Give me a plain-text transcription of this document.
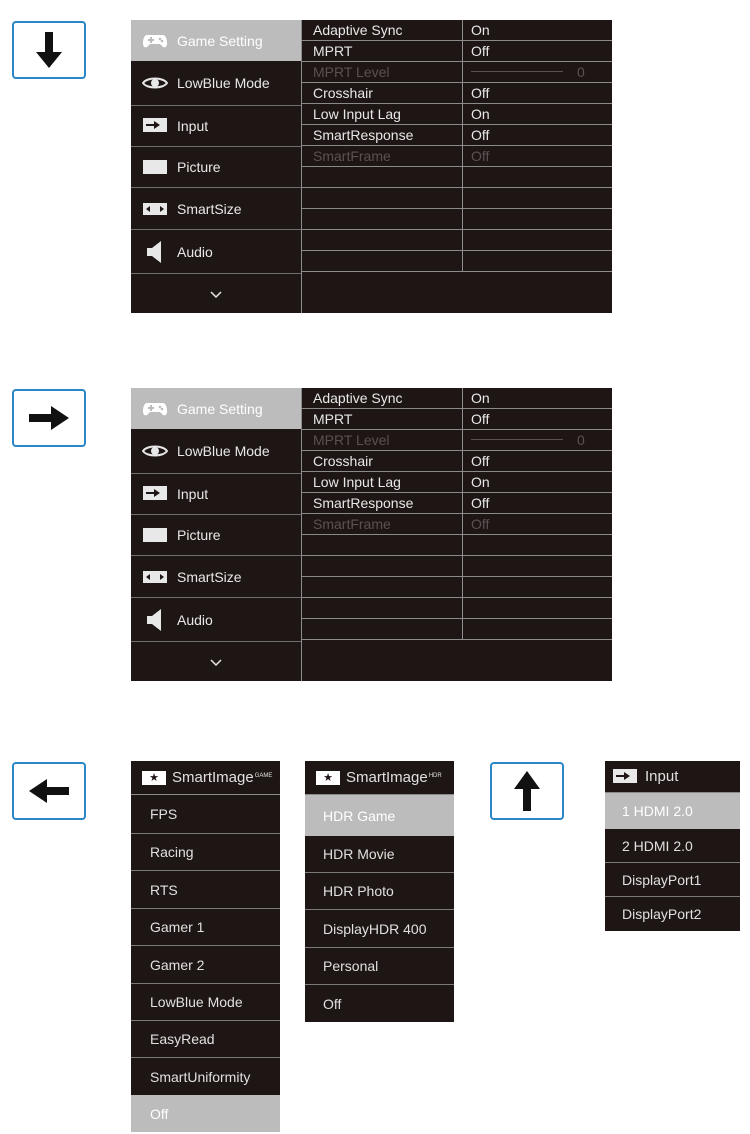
Game Setting
LowBlue Mode
Input
Picture
SmartSize
Audio
Adaptive Sync
MPRT
MPRT Level
Crosshair
Low Input Lag
SmartResponse
SmartFrame
On
Off
0
Off
On
Off
Off
Game Setting
LowBlue Mode
Input
Picture
SmartSize
Audio
Adaptive Sync
MPRT
MPRT Level
Crosshair
Low Input Lag
SmartResponse
SmartFrame
On
Off
0
Off
On
Off
Off
★ SmartImage$^{GAME}$
FPS
Racing
RTS
Gamer 1
Gamer 2
LowBlue Mode
EasyRead
SmartUniformity
Off
★ SmartImage$^{HDR}$
HDR Game
HDR Movie
HDR Photo
DisplayHDR 400
Personal
Off
Input
1 HDMI 2.0
2 HDMI 2.0
DisplayPort1
DisplayPort2
